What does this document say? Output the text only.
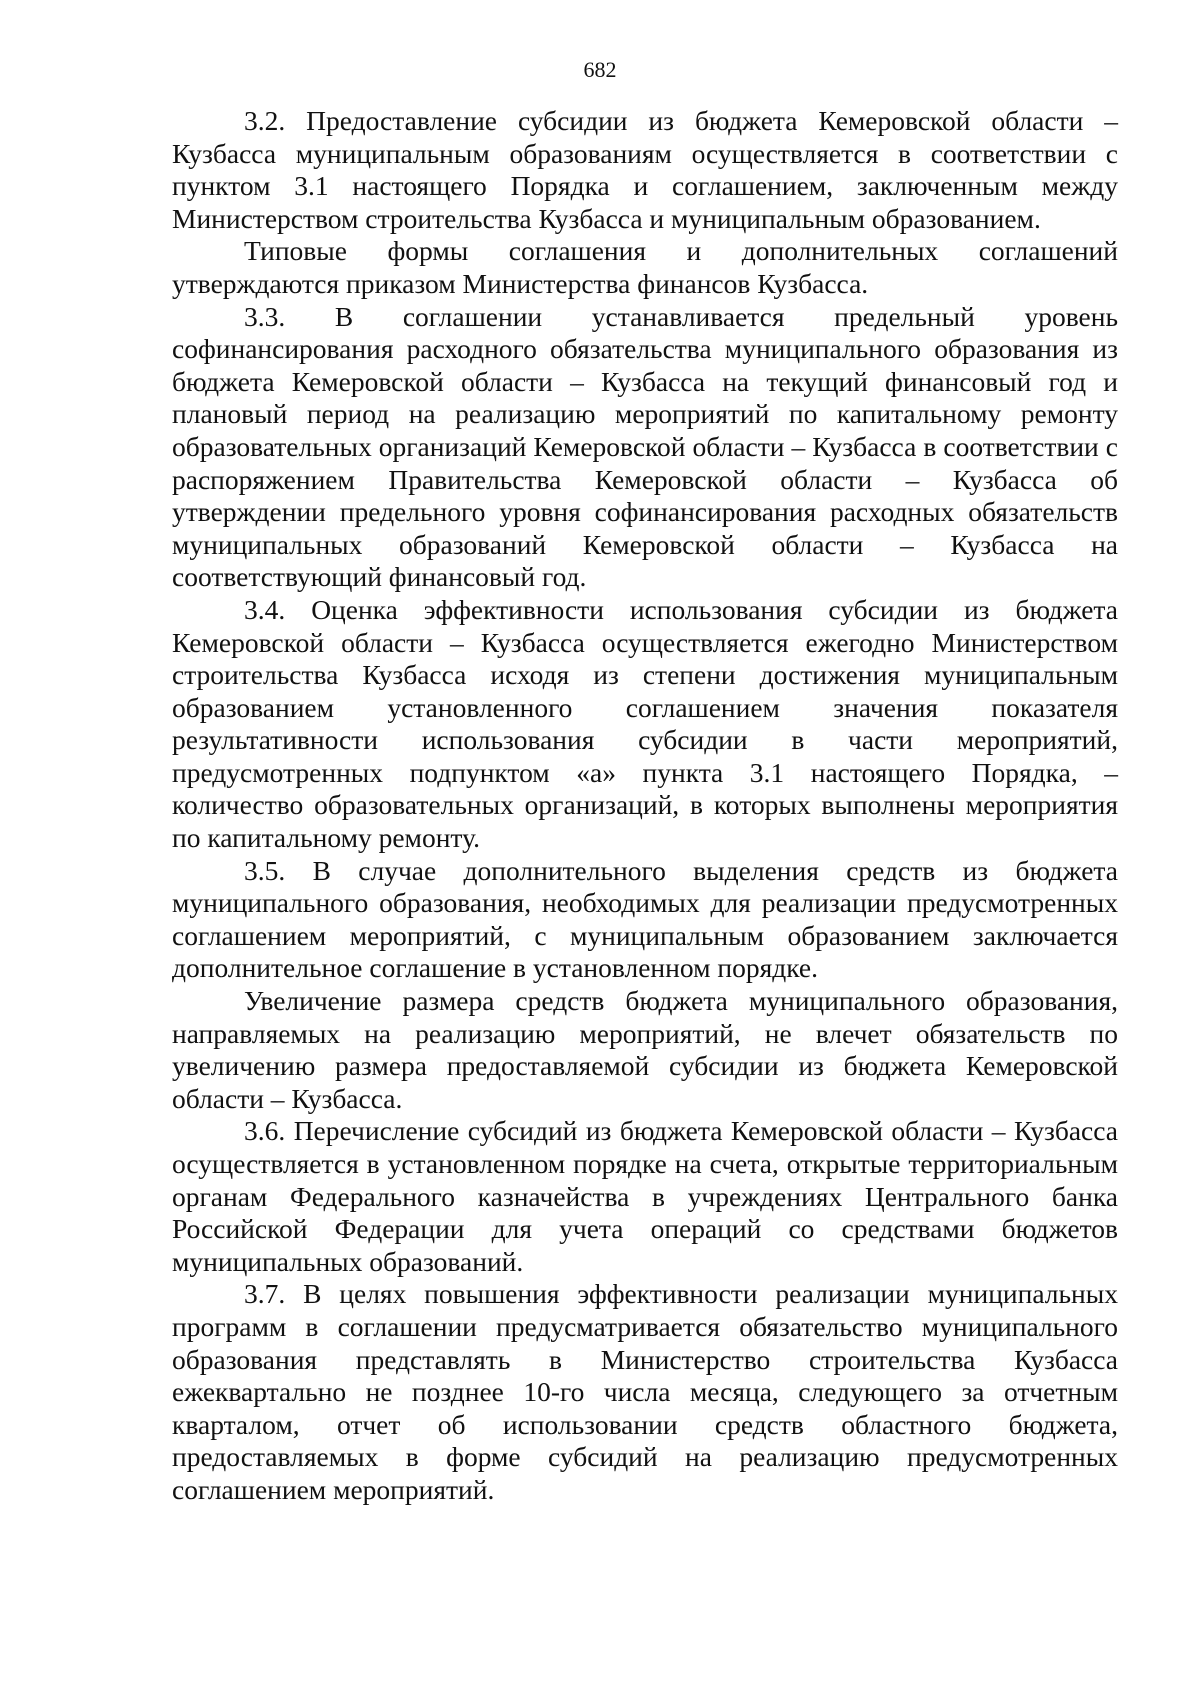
682

3.2. Предоставление субсидии из бюджета Кемеровской области – Кузбасса муниципальным образованиям осуществляется в соответствии с пунктом 3.1 настоящего Порядка и соглашением, заключенным между Министерством строительства Кузбасса и муниципальным образованием.

Типовые формы соглашения и дополнительных соглашений утверждаются приказом Министерства финансов Кузбасса.

3.3. В соглашении устанавливается предельный уровень софинансирования расходного обязательства муниципального образования из бюджета Кемеровской области – Кузбасса на текущий финансовый год и плановый период на реализацию мероприятий по капитальному ремонту образовательных организаций Кемеровской области – Кузбасса в соответствии с распоряжением Правительства Кемеровской области – Кузбасса об утверждении предельного уровня софинансирования расходных обязательств муниципальных образований Кемеровской области – Кузбасса на соответствующий финансовый год.

3.4. Оценка эффективности использования субсидии из бюджета Кемеровской области – Кузбасса осуществляется ежегодно Министерством строительства Кузбасса исходя из степени достижения муниципальным образованием установленного соглашением значения показателя результативности использования субсидии в части мероприятий, предусмотренных подпунктом «а» пункта 3.1 настоящего Порядка, – количество образовательных организаций, в которых выполнены мероприятия по капитальному ремонту.

3.5. В случае дополнительного выделения средств из бюджета муниципального образования, необходимых для реализации предусмотренных соглашением мероприятий, с муниципальным образованием заключается дополнительное соглашение в установленном порядке.

Увеличение размера средств бюджета муниципального образования, направляемых на реализацию мероприятий, не влечет обязательств по увеличению размера предоставляемой субсидии из бюджета Кемеровской области – Кузбасса.

3.6. Перечисление субсидий из бюджета Кемеровской области – Кузбасса осуществляется в установленном порядке на счета, открытые территориальным органам Федерального казначейства в учреждениях Центрального банка Российской Федерации для учета операций со средствами бюджетов муниципальных образований.

3.7. В целях повышения эффективности реализации муниципальных программ в соглашении предусматривается обязательство муниципального образования представлять в Министерство строительства Кузбасса ежеквартально не позднее 10-го числа месяца, следующего за отчетным кварталом, отчет об использовании средств областного бюджета, предоставляемых в форме субсидий на реализацию предусмотренных соглашением мероприятий.
